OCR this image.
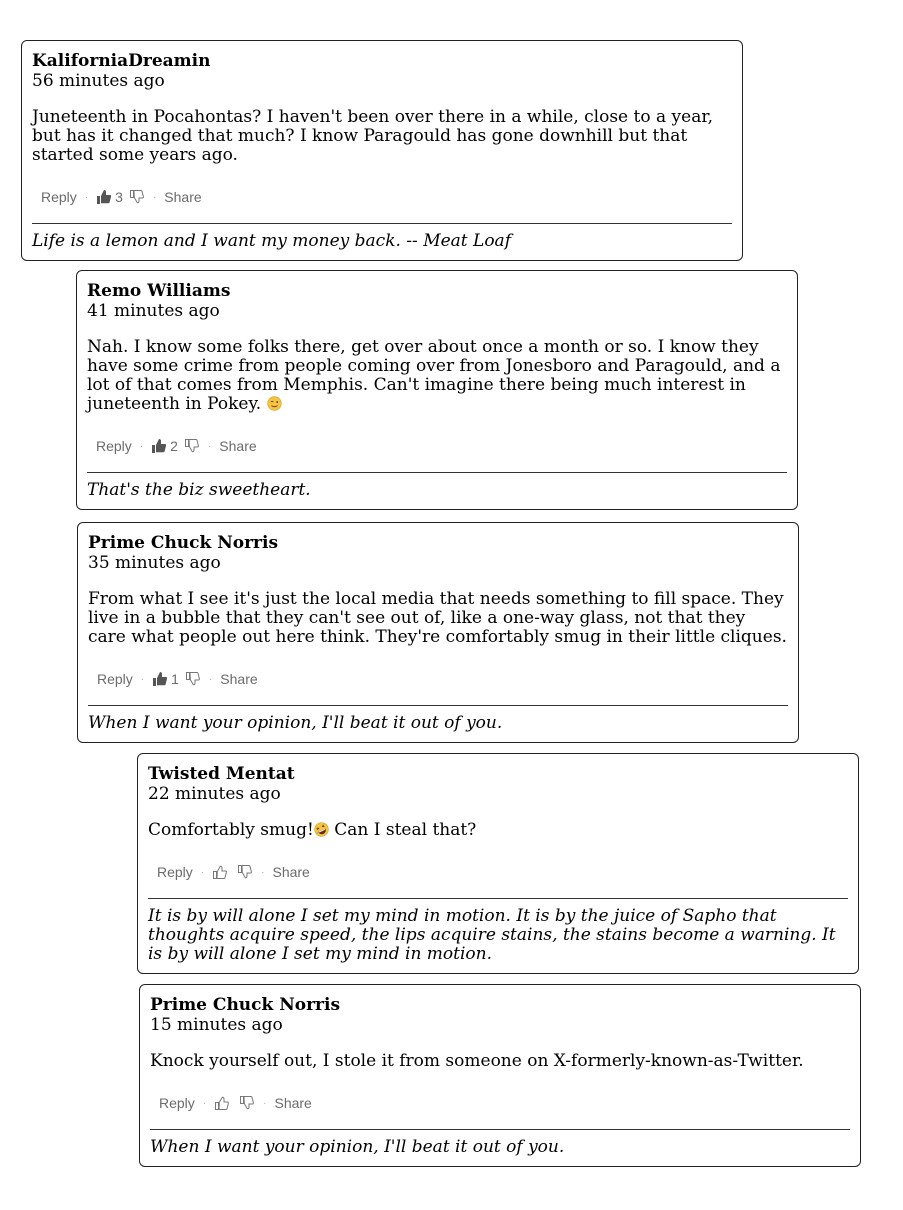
KaliforniaDreamin
56 minutes ago
Juneteenth in Pocahontas? I haven't been over there in a while, close to a year, but has it changed that much? I know Paragould has gone downhill but that started some years ago.
Reply · 3	· Share
Life is a lemon and I want my money back. -- Meat Loaf
Remo Williams
41 minutes ago
Nah. I know some folks there, get over about once a month or so. I know they have some crime from people coming over from Jonesboro and Paragould, and a lot of that comes from Memphis. Can't imagine there being much interest in juneteenth in Pokey.
Reply · 2	· Share
That's the biz sweetheart.
Prime Chuck Norris
35 minutes ago
From what I see it's just the local media that needs something to fill space. They live in a bubble that they can't see out of, like a one-way glass, not that they care what people out here think. They're comfortably smug in their little cliques.
Reply · 1	· Share
When I want your opinion, I'll beat it out of you.
Twisted Mentat
22 minutes ago
Comfortably smug! Can I steal that?
Reply ·	· Share
It is by will alone I set my mind in motion. It is by the juice of Sapho that thoughts acquire speed, the lips acquire stains, the stains become a warning. It is by will alone I set my mind in motion.
Prime Chuck Norris
15 minutes ago
Knock yourself out, I stole it from someone on X-formerly-known-as-Twitter.
Reply ·	· Share
When I want your opinion, I'll beat it out of you.
